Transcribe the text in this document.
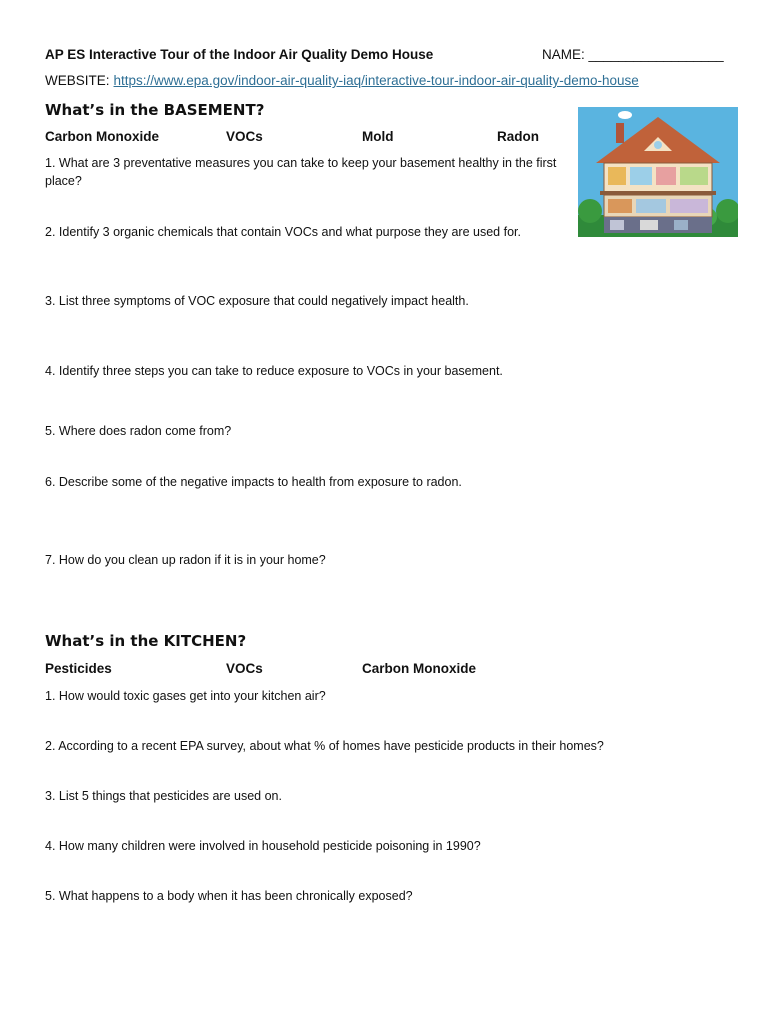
AP ES Interactive Tour of the Indoor Air Quality Demo House	NAME: __________________
WEBSITE: https://www.epa.gov/indoor-air-quality-iaq/interactive-tour-indoor-air-quality-demo-house
What’s in the BASEMENT?
Carbon Monoxide	VOCs	Mold	Radon
1. What are 3 preventative measures you can take to keep your basement healthy in the first place?
2. Identify 3 organic chemicals that contain VOCs and what purpose they are used for.
3. List three symptoms of VOC exposure that could negatively impact health.
4. Identify three steps you can take to reduce exposure to VOCs in your basement.
5. Where does radon come from?
6. Describe some of the negative impacts to health from exposure to radon.
7. How do you clean up radon if it is in your home?
What’s in the KITCHEN?
Pesticides	VOCs	Carbon Monoxide
1. How would toxic gases get into your kitchen air?
2. According to a recent EPA survey, about what % of homes have pesticide products in their homes?
3. List 5 things that pesticides are used on.
4. How many children were involved in household pesticide poisoning in 1990?
5. What happens to a body when it has been chronically exposed?
